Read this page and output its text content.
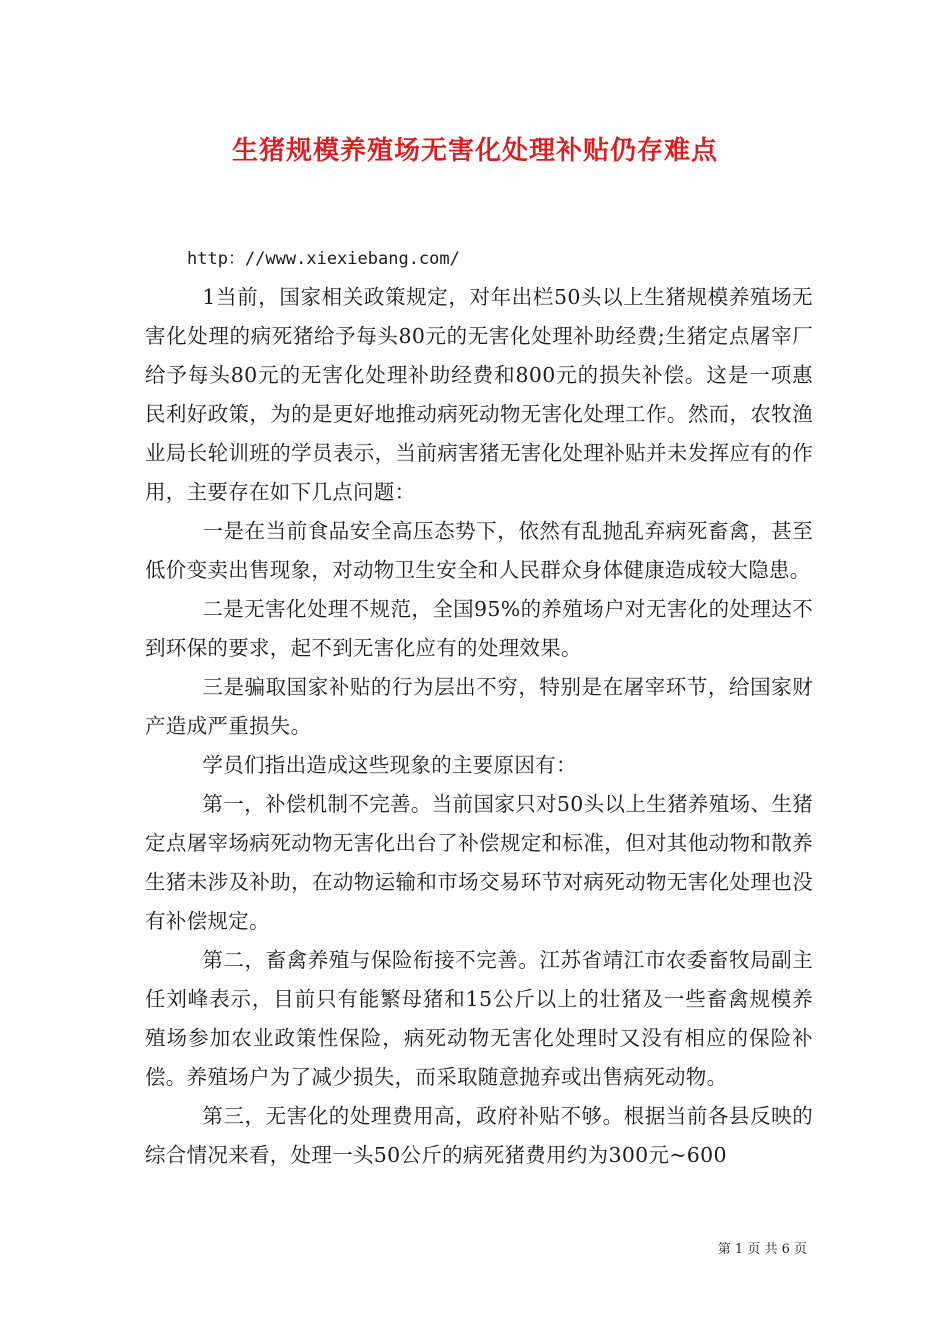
生猪规模养殖场无害化处理补贴仍存难点
http：//www.xiexiebang.com/

1当前，国家相关政策规定，对年出栏50头以上生猪规模养殖场无害化处理的病死猪给予每头80元的无害化处理补助经费;生猪定点屠宰厂给予每头80元的无害化处理补助经费和800元的损失补偿。这是一项惠民利好政策，为的是更好地推动病死动物无害化处理工作。然而，农牧渔业局长轮训班的学员表示，当前病害猪无害化处理补贴并未发挥应有的作用，主要存在如下几点问题：

一是在当前食品安全高压态势下，依然有乱抛乱弃病死畜禽，甚至低价变卖出售现象，对动物卫生安全和人民群众身体健康造成较大隐患。

二是无害化处理不规范，全国95%的养殖场户对无害化的处理达不到环保的要求，起不到无害化应有的处理效果。

三是骗取国家补贴的行为层出不穷，特别是在屠宰环节，给国家财产造成严重损失。

学员们指出造成这些现象的主要原因有：

第一，补偿机制不完善。当前国家只对50头以上生猪养殖场、生猪定点屠宰场病死动物无害化出台了补偿规定和标准，但对其他动物和散养生猪未涉及补助，在动物运输和市场交易环节对病死动物无害化处理也没有补偿规定。

第二，畜禽养殖与保险衔接不完善。江苏省靖江市农委畜牧局副主任刘峰表示，目前只有能繁母猪和15公斤以上的壮猪及一些畜禽规模养殖场参加农业政策性保险，病死动物无害化处理时又没有相应的保险补偿。养殖场户为了减少损失，而采取随意抛弃或出售病死动物。

第三，无害化的处理费用高，政府补贴不够。根据当前各县反映的综合情况来看，处理一头50公斤的病死猪费用约为300元~600

第 1 页 共 6 页
